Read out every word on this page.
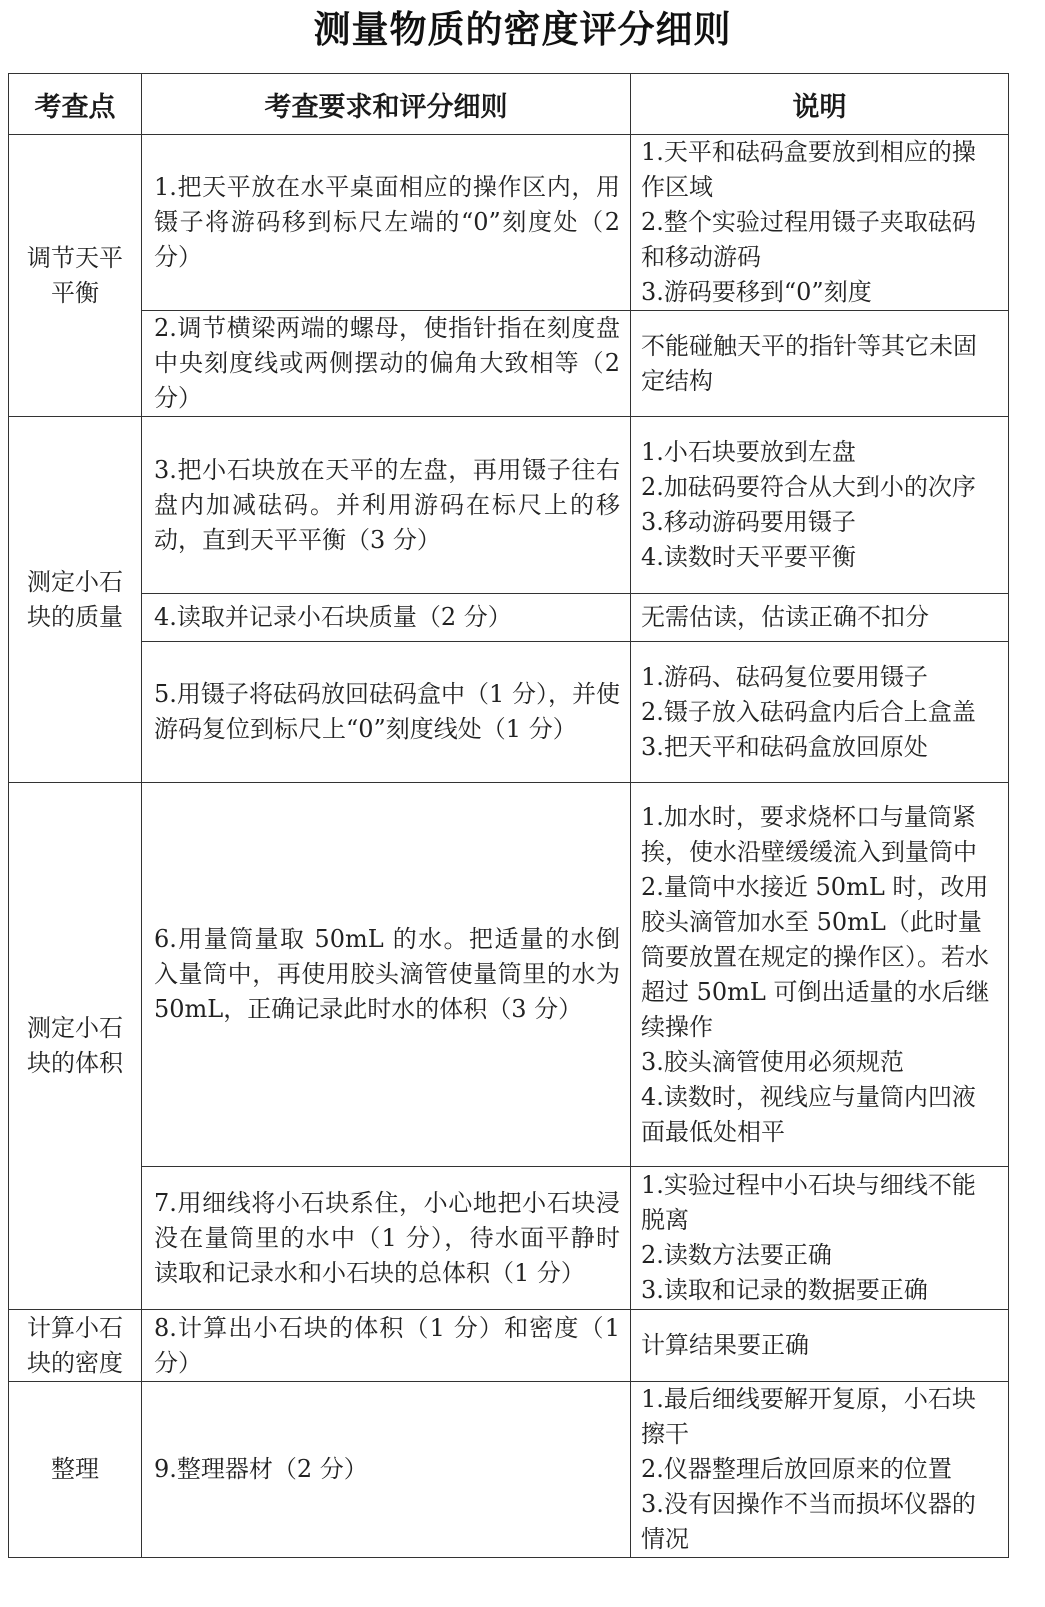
测量物质的密度评分细则
考查点	考查要求和评分细则	说明
调节天平平衡	1.把天平放在水平桌面相应的操作区内，用镊子将游码移到标尺左端的“0”刻度处（2 分）	1.天平和砝码盒要放到相应的操作区域
2.整个实验过程用镊子夹取砝码和移动游码
3.游码要移到“0”刻度

	2.调节横梁两端的螺母，使指针指在刻度盘中央刻度线或两侧摆动的偏角大致相等（2 分）	不能碰触天平的指针等其它未固定结构

测定小石块的质量	3.把小石块放在天平的左盘，再用镊子往右盘内加减砝码。并利用游码在标尺上的移动，直到天平平衡（3 分）	1.小石块要放到左盘
2.加砝码要符合从大到小的次序
3.移动游码要用镊子
4.读数时天平要平衡

	4.读取并记录小石块质量（2 分）	无需估读，估读正确不扣分

	5.用镊子将砝码放回砝码盒中（1 分），并使游码复位到标尺上“0”刻度线处（1 分）	1.游码、砝码复位要用镊子
2.镊子放入砝码盒内后合上盒盖
3.把天平和砝码盒放回原处

测定小石块的体积	6.用量筒量取 50mL 的水。把适量的水倒入量筒中，再使用胶头滴管使量筒里的水为 50mL，正确记录此时水的体积（3 分）	1.加水时，要求烧杯口与量筒紧挨，使水沿壁缓缓流入到量筒中
2.量筒中水接近 50mL 时，改用胶头滴管加水至 50mL（此时量筒要放置在规定的操作区）。若水超过 50mL 可倒出适量的水后继续操作
3.胶头滴管使用必须规范
4.读数时，视线应与量筒内凹液面最低处相平

	7.用细线将小石块系住，小心地把小石块浸没在量筒里的水中（1 分），待水面平静时读取和记录水和小石块的总体积（1 分）	1.实验过程中小石块与细线不能脱离
2.读数方法要正确
3.读取和记录的数据要正确

计算小石块的密度	8.计算出小石块的体积（1 分）和密度（1 分）	计算结果要正确

整理	9.整理器材（2 分）	1.最后细线要解开复原，小石块擦干
2.仪器整理后放回原来的位置
3.没有因操作不当而损坏仪器的情况
